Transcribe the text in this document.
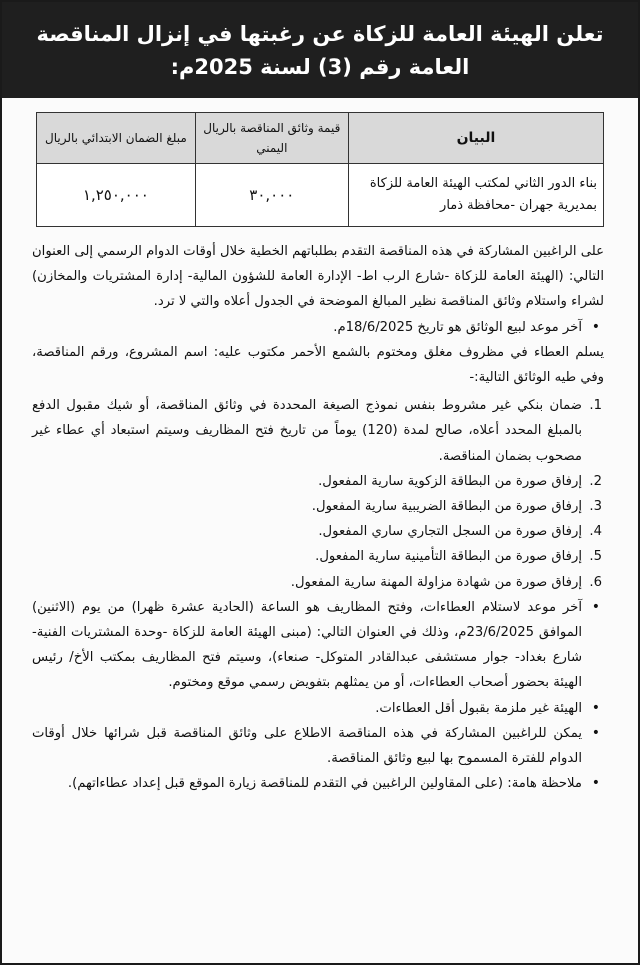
تعلن الهيئة العامة للزكاة عن رغبتها في إنزال المناقصة
العامة رقم (3) لسنة 2025م:
البيان	قيمة وثائق المناقصة بالريال اليمني	مبلغ الضمان الابتدائي بالريال
بناء الدور الثاني لمكتب الهيئة العامة للزكاة بمديرية جهران -محافظة ذمار	٣٠,٠٠٠	١,٢٥٠,٠٠٠

على الراغبين المشاركة في هذه المناقصة التقدم بطلباتهم الخطية خلال أوقات الدوام الرسمي إلى العنوان التالي: (الهيئة العامة للزكاة -شارع الرب اط- الإدارة العامة للشؤون المالية- إدارة المشتريات والمخازن) لشراء واستلام وثائق المناقصة نظير المبالغ الموضحة في الجدول أعلاه والتي لا ترد.

•
آخر موعد لبيع الوثائق هو تاريخ 18/6/2025م.

يسلم العطاء في مظروف مغلق ومختوم بالشمع الأحمر مكتوب عليه: اسم المشروع، ورقم المناقصة، وفي طيه الوثائق التالية:-

1.
ضمان بنكي غير مشروط بنفس نموذج الصيغة المحددة في وثائق المناقصة، أو شيك مقبول الدفع بالمبلغ المحدد أعلاه، صالح لمدة (120) يوماً من تاريخ فتح المظاريف وسيتم استبعاد أي عطاء غير مصحوب بضمان المناقصة.

2.
إرفاق صورة من البطاقة الزكوية سارية المفعول.

3.
إرفاق صورة من البطاقة الضريبية سارية المفعول.

4.
إرفاق صورة من السجل التجاري ساري المفعول.

5.
إرفاق صورة من البطاقة التأمينية سارية المفعول.

6.
إرفاق صورة من شهادة مزاولة المهنة سارية المفعول.

•
آخر موعد لاستلام العطاءات، وفتح المظاريف هو الساعة (الحادية عشرة ظهرا) من يوم (الاثنين) الموافق 23/6/2025م، وذلك في العنوان التالي: (مبنى الهيئة العامة للزكاة -وحدة المشتريات الفنية- شارع بغداد- جوار مستشفى عبدالقادر المتوكل- صنعاء)، وسيتم فتح المظاريف بمكتب الأخ/ رئيس الهيئة بحضور أصحاب العطاءات، أو من يمثلهم بتفويض رسمي موقع ومختوم.

•
الهيئة غير ملزمة بقبول أقل العطاءات.

•
يمكن للراغبين المشاركة في هذه المناقصة الاطلاع على وثائق المناقصة قبل شرائها خلال أوقات الدوام للفترة المسموح بها لبيع وثائق المناقصة.

•
ملاحظة هامة: (على المقاولين الراغبين في التقدم للمناقصة زيارة الموقع قبل إعداد عطاءاتهم).
